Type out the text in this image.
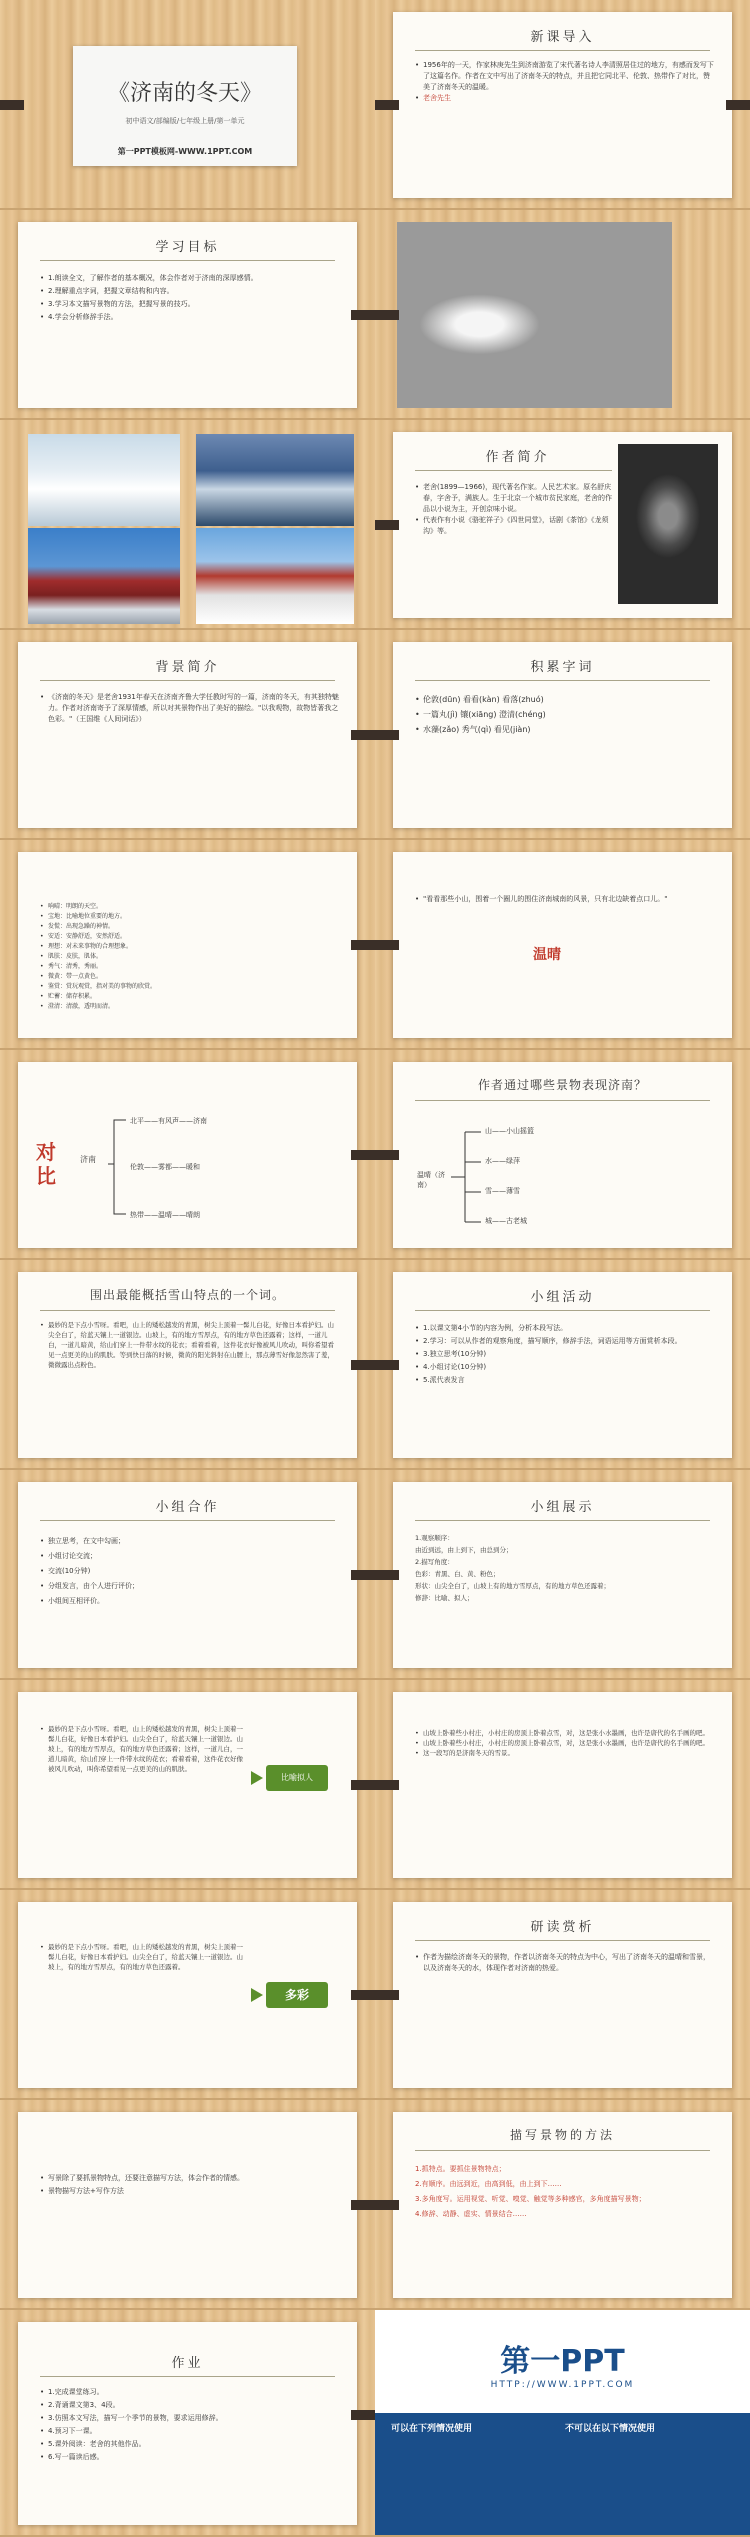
《济南的冬天》
初中语文/部编版/七年级上册/第一单元
第一PPT模板网-WWW.1PPT.COM
新课导入
• 1956年的一天，作家林庚先生到济南游览了宋代著名诗人李清照居住过的地方，有感而发写下了这篇名作。作者在文中写出了济南冬天的特点，并且把它同北平、伦敦、热带作了对比，赞美了济南冬天的温暖。
• 老舍先生
学习目标
• 1.朗读全文，了解作者的基本概况，体会作者对于济南的深厚感情。
• 2.理解重点字词，把握文章结构和内容。
• 3.学习本文描写景物的方法，把握写景的技巧。
• 4.学会分析修辞手法。
作者简介
• 老舍(1899—1966)，现代著名作家。人民艺术家。原名舒庆春，字舍予，满族人。生于北京一个城市贫民家庭，老舍的作品以小说为主，开创京味小说。
• 代表作有小说《骆驼祥子》《四世同堂》，话剧《茶馆》《龙须沟》等。
背景简介
• 《济南的冬天》是老舍1931年春天在济南齐鲁大学任教时写的一篇，济南的冬天，有其独特魅力。作者对济南寄予了深厚情感，所以对其景物作出了美好的描绘。"以我观物，故物皆著我之色彩。"（王国维《人间词话》）
积累字词
• 伦敦(dūn) 看看(kàn) 看落(zhuó)
• 一篇丸(jì) 镶(xiāng) 澄清(chéng)
• 水藻(zǎo) 秀气(qì) 看见(jiàn)
• 响晴：明朗的天空。
• 宝地：比喻地位重要的地方。
• 发慌：出现急躁的神情。
• 安适：安静舒适，安然舒适。
• 理想：对未来事物的合理想象。
• 肌肤：皮肤，肌体。
• 秀气：清秀，秀丽。
• 微黄：带一点黄色。
• 鉴赏：赏玩观赏，指对美的事物的欣赏。
• 贮蓄：储存积累。
• 澄清：清澈，透明而清。
• "看看那些小山，围着一个圈儿的围住济南城南的风景，只有北边缺着点口儿。"
温晴
对比
济南
北平——有风声——济南
伦敦——雾都——暖和
热带——温晴——晴朗
作者通过哪些景物表现济南？
温晴（济南）
山——小山摇篮
水——绿萍
雪——薄雪
城——古老城
围出最能概括雪山特点的一个词。
• 最妙的是下点小雪呀。看吧，山上的矮松越发的青黑，树尖上顶着一髻儿白花，好像日本看护妇。山尖全白了，给蓝天镶上一道银边。山坡上，有的地方雪厚点，有的地方草色还露着；这样，一道儿白，一道儿暗黄，给山们穿上一件带水纹的花衣；看着看着，这件花衣好像被风儿吹动，叫你希望看见一点更美的山的肌肤。等到快日落的时候，微黄的阳光斜射在山腰上，那点薄雪好像忽然害了羞，微微露出点粉色。
小组活动
• 1.以课文第4小节的内容为例，分析本段写法。
• 2.学习：可以从作者的观察角度，描写顺序，修辞手法，词语运用等方面赏析本段。
• 3.独立思考(10分钟)
• 4.小组讨论(10分钟)
• 5.派代表发言
小组合作
• 独立思考，在文中勾画；
• 小组讨论交流；
• 交流(10分钟)
• 分组发言，由个人进行评价；
• 小组间互相评价。
小组展示
1.观察顺序：
由近到远，由上到下，由总到分；
2.描写角度：
色彩：青黑、白、黄、粉色；
形状：山尖全白了，山坡上有的地方雪厚点，有的地方草色还露着；
修辞：比喻、拟人；
• 最妙的是下点小雪呀。看吧，山上的矮松越发的青黑，树尖上顶着一髻儿白花，好像日本看护妇。山尖全白了，给蓝天镶上一道银边。山坡上，有的地方雪厚点，有的地方草色还露着；这样，一道儿白，一道儿暗黄，给山们穿上一件带水纹的花衣；看着看着，这件花衣好像被风儿吹动，叫你希望看见一点更美的山的肌肤。
比喻拟人
• 山坡上卧着些小村庄，小村庄的房顶上卧着点雪，对，这是张小水墨画，也许是唐代的名手画的吧。
• 山坡上卧着些小村庄，小村庄的房顶上卧着点雪，对，这是张小水墨画，也许是唐代的名手画的吧。
• 这一段写的是济南冬天的雪景。
• 最妙的是下点小雪呀。看吧，山上的矮松越发的青黑，树尖上顶着一髻儿白花，好像日本看护妇。山尖全白了，给蓝天镶上一道银边。山坡上，有的地方雪厚点，有的地方草色还露着。
多彩
研读赏析
• 作者为描绘济南冬天的景物，作者以济南冬天的特点为中心，写出了济南冬天的温晴和雪景，以及济南冬天的水，体现作者对济南的热爱。
• 写景除了要抓景物特点，还要注意描写方法，体会作者的情感。
• 景物描写方法+写作方法
描写景物的方法
1.抓特点。要抓住景物特点；
2.有顺序。由远到近，由高到低，由上到下……
3.多角度写。运用视觉、听觉、嗅觉、触觉等多种感官，多角度描写景物；
4.修辞、动静、虚实、情景结合……
作业
• 1.完成课堂练习。
• 2.背诵课文第3、4段。
• 3.仿照本文写法，描写一个季节的景物，要求运用修辞。
• 4.预习下一课。
• 5.课外阅读：老舍的其他作品。
• 6.写一篇读后感。
第一PPT
HTTP://WWW.1PPT.COM
可以在下列情况使用	不可以在以下情况使用
